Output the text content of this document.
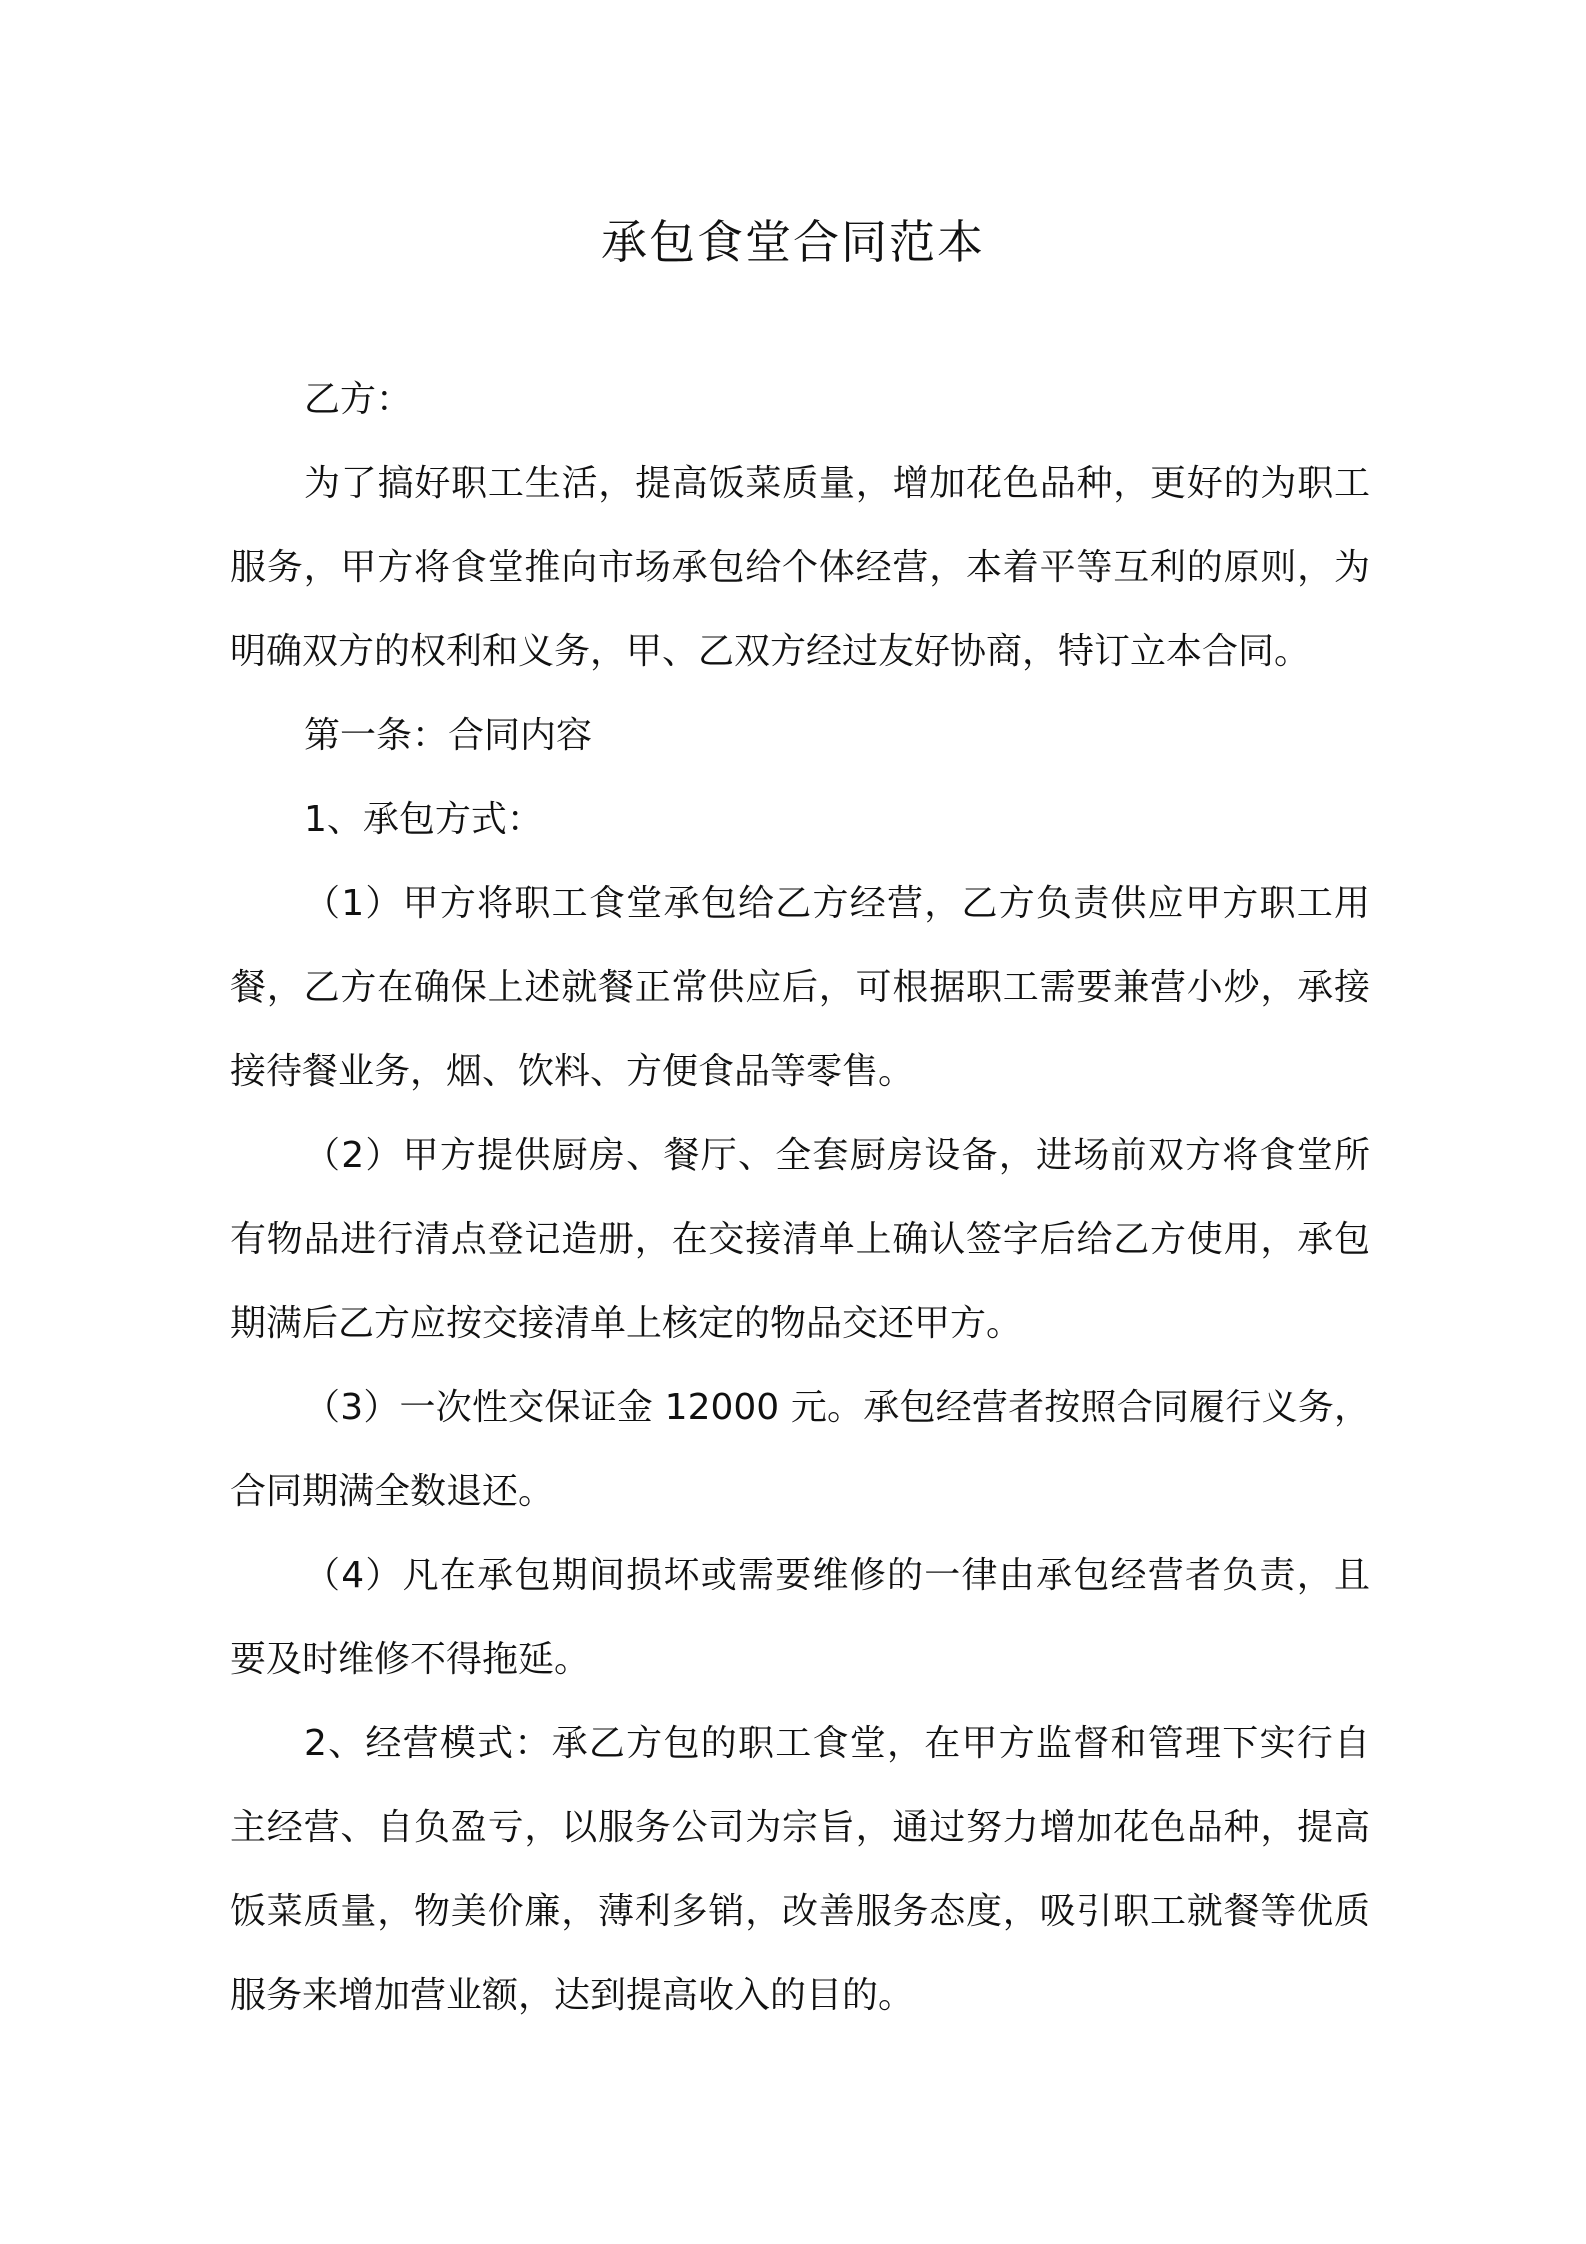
承包食堂合同范本

乙方：

为了搞好职工生活，提高饭菜质量，增加花色品种，更好的为职工服务，甲方将食堂推向市场承包给个体经营，本着平等互利的原则，为明确双方的权利和义务，甲、乙双方经过友好协商，特订立本合同。

第一条：合同内容

1、承包方式：

（1）甲方将职工食堂承包给乙方经营，乙方负责供应甲方职工用餐，乙方在确保上述就餐正常供应后，可根据职工需要兼营小炒，承接接待餐业务，烟、饮料、方便食品等零售。

（2）甲方提供厨房、餐厅、全套厨房设备，进场前双方将食堂所有物品进行清点登记造册，在交接清单上确认签字后给乙方使用，承包期满后乙方应按交接清单上核定的物品交还甲方。

（3）一次性交保证金 12000 元。承包经营者按照合同履行义务，合同期满全数退还。

（4）凡在承包期间损坏或需要维修的一律由承包经营者负责，且要及时维修不得拖延。

2、经营模式：承乙方包的职工食堂，在甲方监督和管理下实行自主经营、自负盈亏，以服务公司为宗旨，通过努力增加花色品种，提高饭菜质量，物美价廉，薄利多销，改善服务态度，吸引职工就餐等优质服务来增加营业额，达到提高收入的目的。
